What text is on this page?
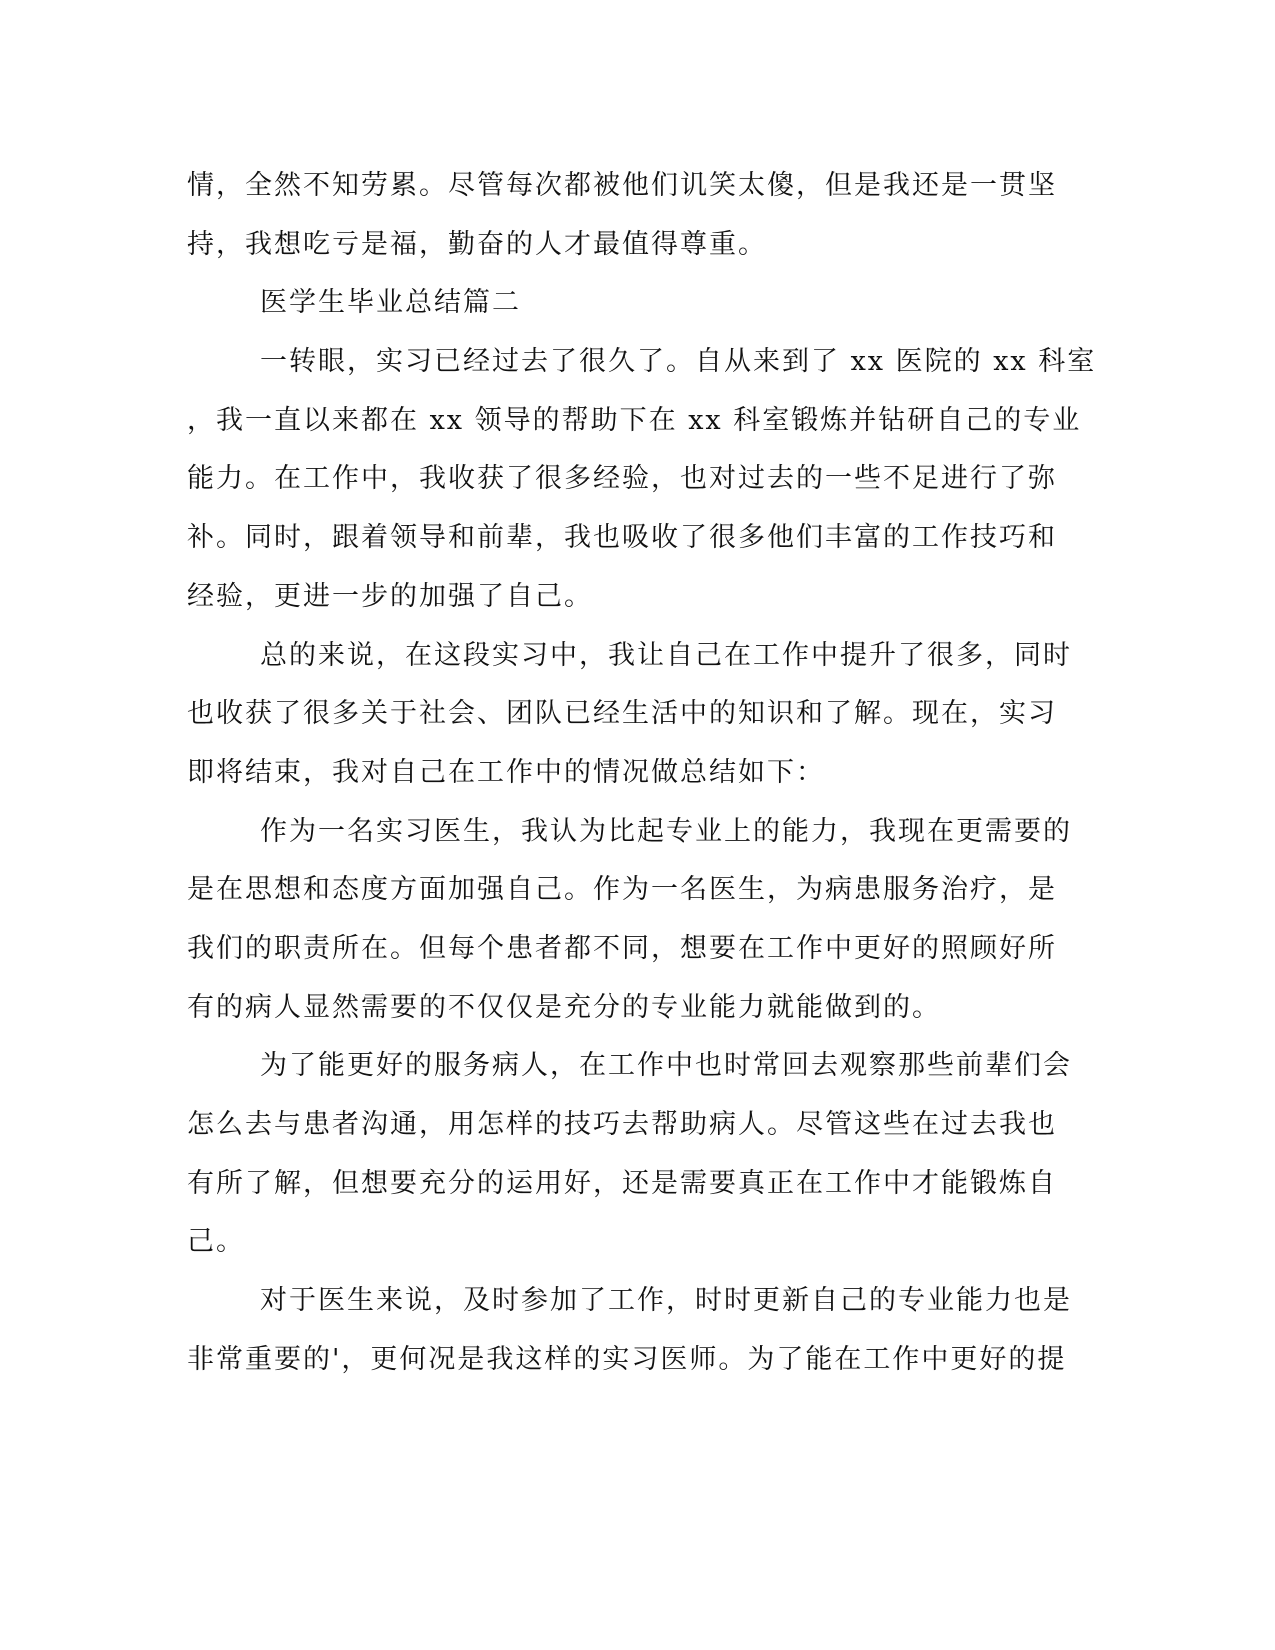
情，全然不知劳累。尽管每次都被他们讥笑太傻，但是我还是一贯坚
持，我想吃亏是福，勤奋的人才最值得尊重。
医学生毕业总结篇二
一转眼，实习已经过去了很久了。自从来到了 xx 医院的 xx 科室
，我一直以来都在 xx 领导的帮助下在 xx 科室锻炼并钻研自己的专业
能力。在工作中，我收获了很多经验，也对过去的一些不足进行了弥
补。同时，跟着领导和前辈，我也吸收了很多他们丰富的工作技巧和
经验，更进一步的加强了自己。
总的来说，在这段实习中，我让自己在工作中提升了很多，同时
也收获了很多关于社会、团队已经生活中的知识和了解。现在，实习
即将结束，我对自己在工作中的情况做总结如下：
作为一名实习医生，我认为比起专业上的能力，我现在更需要的
是在思想和态度方面加强自己。作为一名医生，为病患服务治疗，是
我们的职责所在。但每个患者都不同，想要在工作中更好的照顾好所
有的病人显然需要的不仅仅是充分的专业能力就能做到的。
为了能更好的服务病人，在工作中也时常回去观察那些前辈们会
怎么去与患者沟通，用怎样的技巧去帮助病人。尽管这些在过去我也
有所了解，但想要充分的运用好，还是需要真正在工作中才能锻炼自
己。
对于医生来说，及时参加了工作，时时更新自己的专业能力也是
非常重要的'，更何况是我这样的实习医师。为了能在工作中更好的提
